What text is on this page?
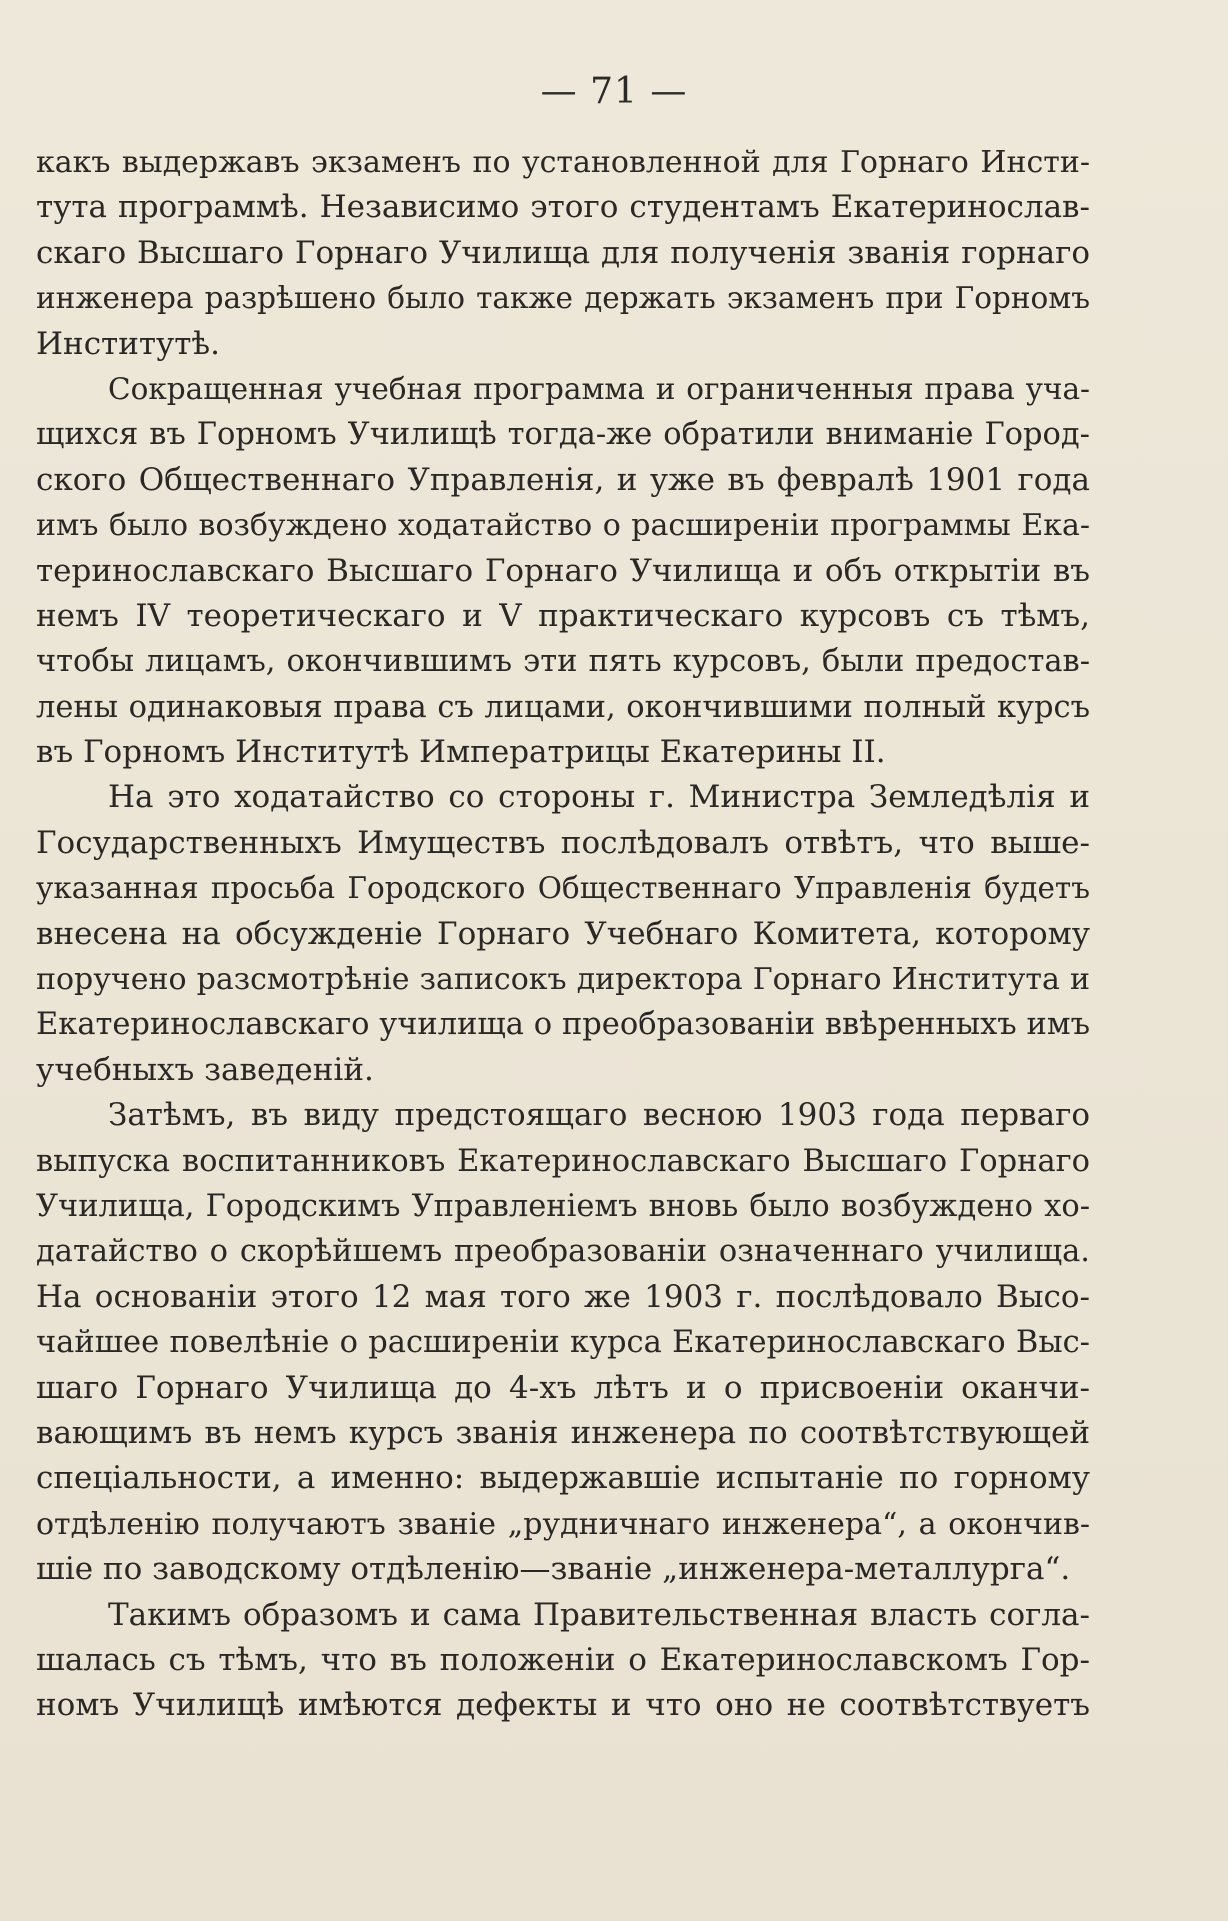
— 71 —
какъ выдержавъ экзаменъ по установленной для Горнаго Инсти-
тута программѣ. Независимо этого студентамъ Екатеринослав-
скаго Высшаго Горнаго Училища для полученія званія горнаго
инженера разрѣшено было также держать экзаменъ при Горномъ
Институтѣ.
Сокращенная учебная программа и ограниченныя права уча-
щихся въ Горномъ Училищѣ тогда-же обратили вниманіе Город-
ского Общественнаго Управленія, и уже въ февралѣ 1901 года
имъ было возбуждено ходатайство о расширеніи программы Ека-
теринославскаго Высшаго Горнаго Училища и объ открытіи въ
немъ IV теоретическаго и V практическаго курсовъ съ тѣмъ,
чтобы лицамъ, окончившимъ эти пять курсовъ, были предостав-
лены одинаковыя права съ лицами, окончившими полный курсъ
въ Горномъ Институтѣ Императрицы Екатерины II.
На это ходатайство со стороны г. Министра Земледѣлія и
Государственныхъ Имуществъ послѣдовалъ отвѣтъ, что выше-
указанная просьба Городского Общественнаго Управленія будетъ
внесена на обсужденіе Горнаго Учебнаго Комитета, которому
поручено разсмотрѣніе записокъ директора Горнаго Института и
Екатеринославскаго училища о преобразованіи ввѣренныхъ имъ
учебныхъ заведеній.
Затѣмъ, въ виду предстоящаго весною 1903 года перваго
выпуска воспитанниковъ Екатеринославскаго Высшаго Горнаго
Училища, Городскимъ Управленіемъ вновь было возбуждено хо-
датайство о скорѣйшемъ преобразованіи означеннаго училища.
На основаніи этого 12 мая того же 1903 г. послѣдовало Высо-
чайшее повелѣніе о расширеніи курса Екатеринославскаго Выс-
шаго Горнаго Училища до 4-хъ лѣтъ и о присвоеніи оканчи-
вающимъ въ немъ курсъ званія инженера по соотвѣтствующей
спеціальности, а именно: выдержавшіе испытаніе по горному
отдѣленію получаютъ званіе „рудничнаго инженера“, а окончив-
шіе по заводскому отдѣленію—званіе „инженера-металлурга“.
Такимъ образомъ и сама Правительственная власть согла-
шалась съ тѣмъ, что въ положеніи о Екатеринославскомъ Гор-
номъ Училищѣ имѣются дефекты и что оно не соотвѣтствуетъ
